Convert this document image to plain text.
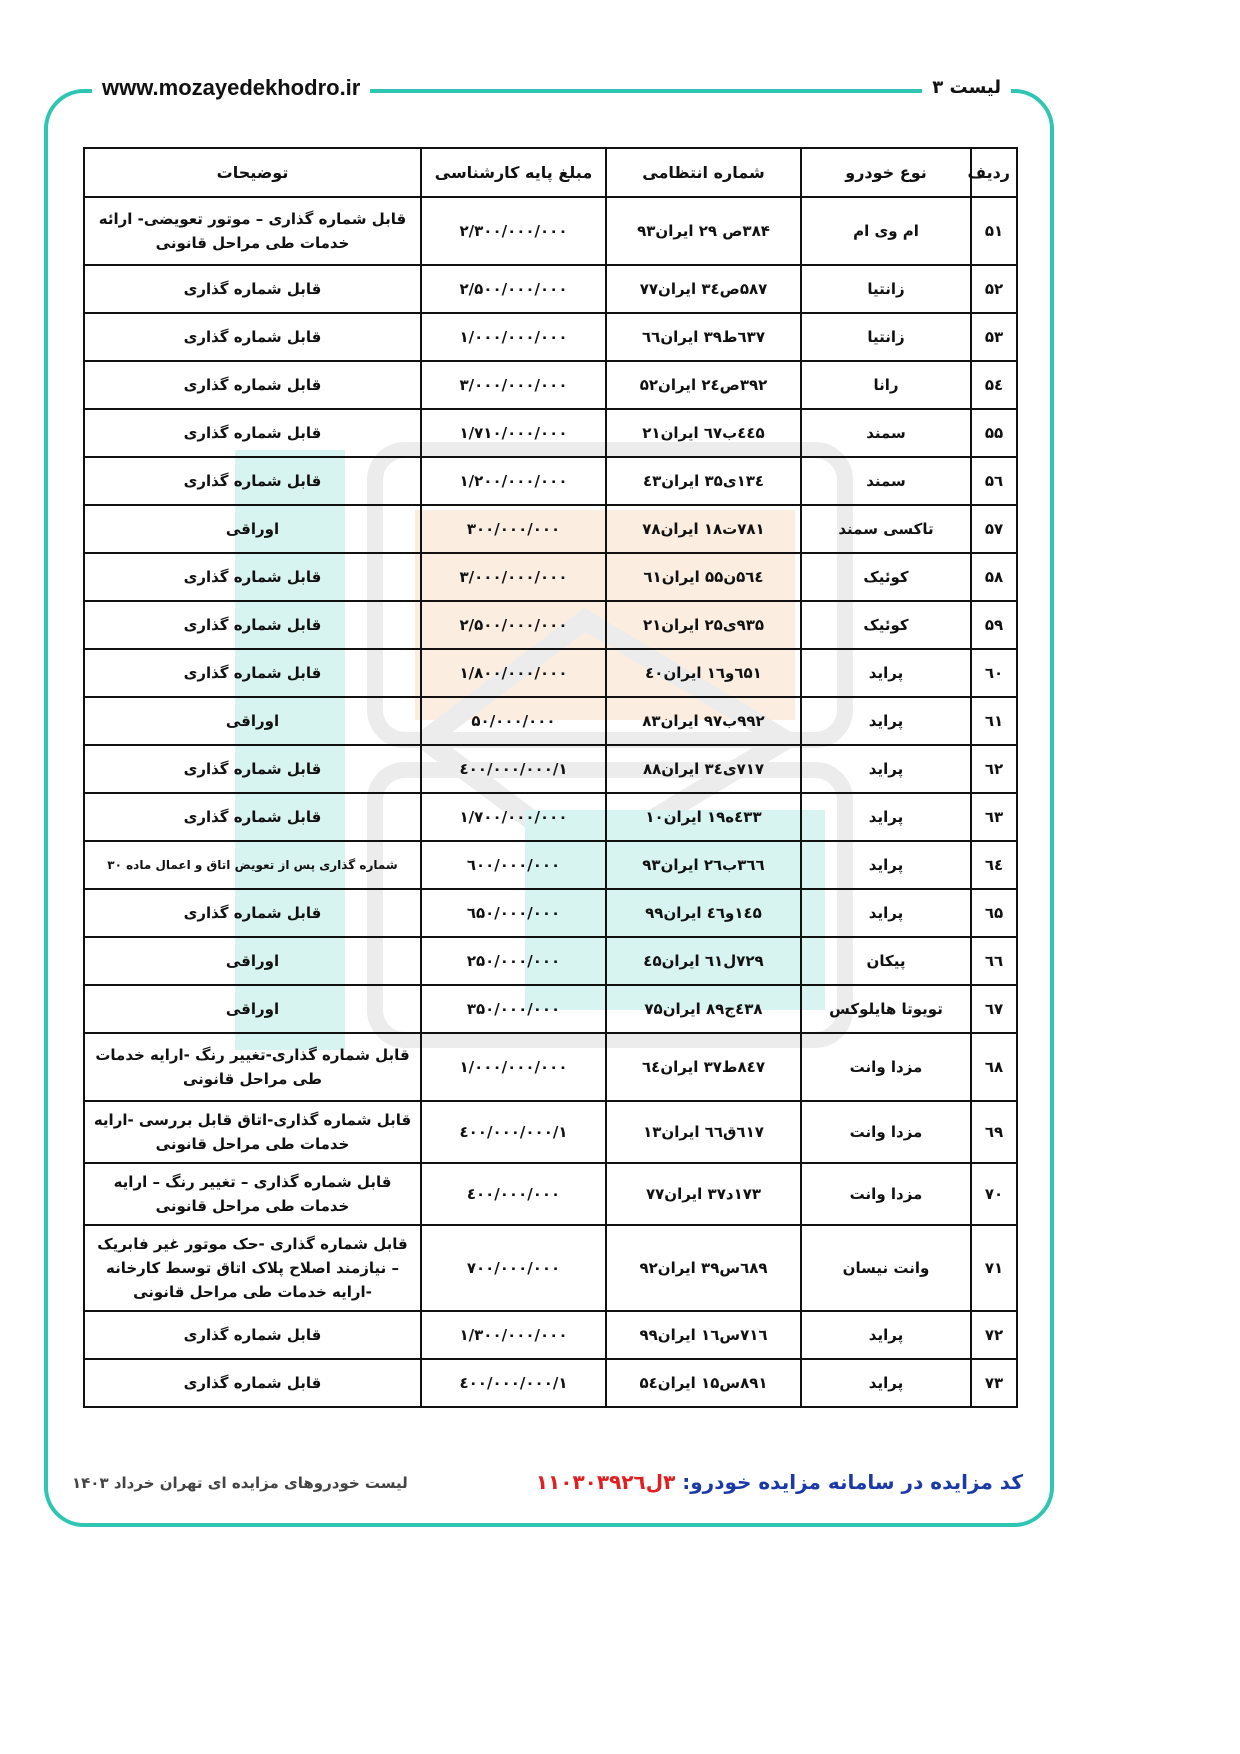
www.mozayedekhodro.ir	لیست ۳
ردیف	نوع خودرو	شماره انتظامی	مبلغ پایه کارشناسی	توضیحات
۵۱	ام وی ام	۳۸۴ص ۲۹ ایران۹۳	۲/۳۰۰/۰۰۰/۰۰۰	قابل شماره گذاری – موتور تعویضی- ارائه خدمات طی مراحل قانونی
۵۲	زانتیا	۵۸۷ص۳٤ ایران۷۷	۲/۵۰۰/۰۰۰/۰۰۰	قابل شماره گذاری
۵۳	زانتیا	٦۳۷ط۳۹ ایران٦٦	۱/۰۰۰/۰۰۰/۰۰۰	قابل شماره گذاری
۵٤	رانا	۳۹۲ص۲٤ ایران۵۲	۳/۰۰۰/۰۰۰/۰۰۰	قابل شماره گذاری
۵۵	سمند	٤٤۵ب٦۷ ایران۲۱	۱/۷۱۰/۰۰۰/۰۰۰	قابل شماره گذاری
۵٦	سمند	۱۳٤ی۳۵ ایران٤۳	۱/۲۰۰/۰۰۰/۰۰۰	قابل شماره گذاری
۵۷	تاکسی سمند	۷۸۱ت۱۸ ایران۷۸	۳۰۰/۰۰۰/۰۰۰	اوراقی
۵۸	کوئیک	۵٦٤ن۵۵ ایران٦۱	۳/۰۰۰/۰۰۰/۰۰۰	قابل شماره گذاری
۵۹	کوئیک	۹۳۵ی۲۵ ایران۲۱	۲/۵۰۰/۰۰۰/۰۰۰	قابل شماره گذاری
٦۰	پراید	٦۵۱و۱٦ ایران٤۰	۱/۸۰۰/۰۰۰/۰۰۰	قابل شماره گذاری
٦۱	پراید	۹۹۲ب۹۷ ایران۸۳	۵۰/۰۰۰/۰۰۰	اوراقی
٦۲	پراید	۷۱۷ی۳٤ ایران۸۸	۱/٤۰۰/۰۰۰/۰۰۰	قابل شماره گذاری
٦۳	پراید	٤۳۳ه۱۹ ایران۱۰	۱/۷۰۰/۰۰۰/۰۰۰	قابل شماره گذاری
٦٤	پراید	۳٦٦ب۲٦ ایران۹۳	٦۰۰/۰۰۰/۰۰۰	شماره گذاری پس از تعویض اتاق و اعمال ماده ۳۰
٦۵	پراید	۱٤۵و٤٦ ایران۹۹	٦۵۰/۰۰۰/۰۰۰	قابل شماره گذاری
٦٦	پیکان	۷۲۹ل٦۱ ایران٤۵	۲۵۰/۰۰۰/۰۰۰	اوراقی
٦۷	تویوتا هایلوکس	٤۳۸ج۸۹ ایران۷۵	۳۵۰/۰۰۰/۰۰۰	اوراقی
٦۸	مزدا وانت	۸٤۷ط۳۷ ایران٦٤	۱/۰۰۰/۰۰۰/۰۰۰	قابل شماره گذاری-تغییر رنگ -ارایه خدمات طی مراحل قانونی
٦۹	مزدا وانت	٦۱۷ق٦٦ ایران۱۳	۱/٤۰۰/۰۰۰/۰۰۰	قابل شماره گذاری-اتاق قابل بررسی -ارایه خدمات طی مراحل قانونی
۷۰	مزدا وانت	۱۷۳د۳۷ ایران۷۷	٤۰۰/۰۰۰/۰۰۰	قابل شماره گذاری – تغییر رنگ – ارایه خدمات طی مراحل قانونی
۷۱	وانت نیسان	٦۸۹س۳۹ ایران۹۲	۷۰۰/۰۰۰/۰۰۰	قابل شماره گذاری -حک موتور غیر فابریک – نیازمند اصلاح پلاک اتاق توسط کارخانه -ارایه خدمات طی مراحل قانونی
۷۲	پراید	۷۱٦س۱٦ ایران۹۹	۱/۳۰۰/۰۰۰/۰۰۰	قابل شماره گذاری
۷۳	پراید	۸۹۱س۱۵ ایران۵٤	۱/٤۰۰/۰۰۰/۰۰۰	قابل شماره گذاری
کد مزایده در سامانه مزایده خودرو: ۳ل۱۱۰۳۰۳۹۲٦
لیست خودروهای مزایده ای تهران خرداد ۱۴۰۳
